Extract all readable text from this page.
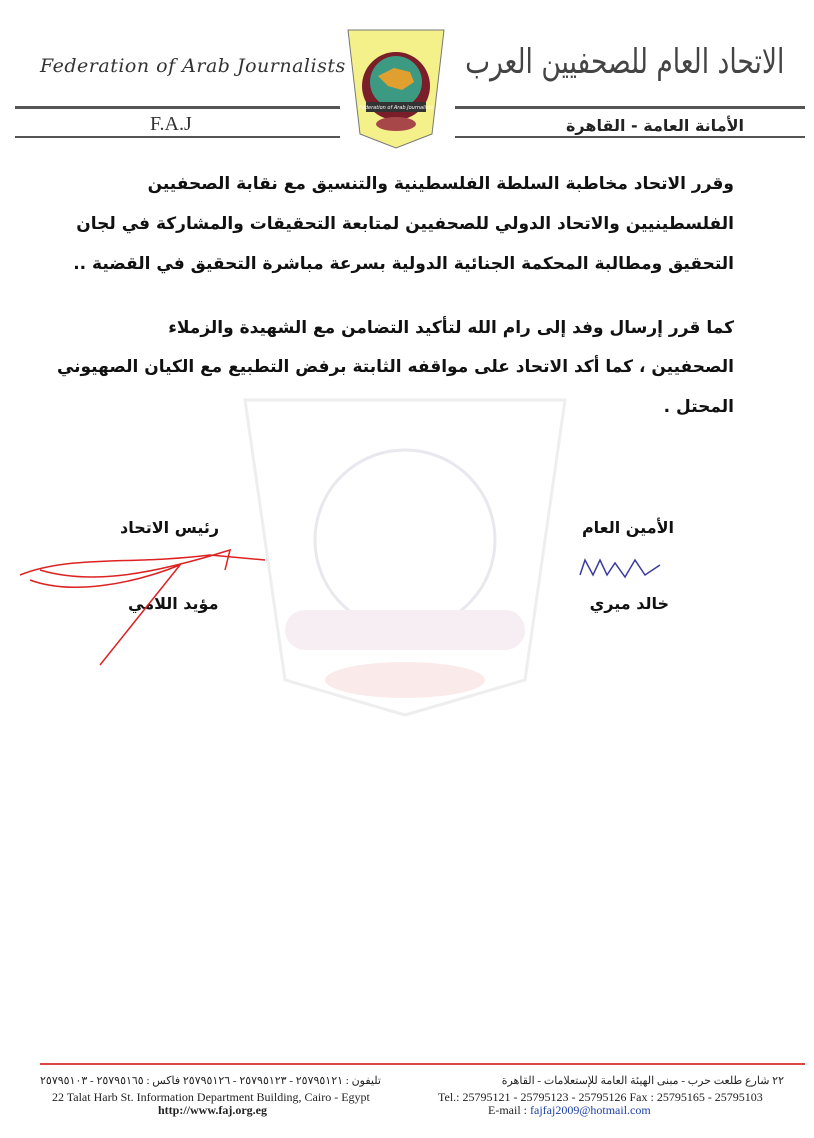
Federation of Arab Journalists	الاتحاد العام للصحفيين العرب
F.A.J	الأمانة العامة - القاهرة
Federation of Arab Journalists
وقرر الاتحاد مخاطبة السلطة الفلسطينية والتنسيق مع نقابة الصحفيين
الفلسطينيين والاتحاد الدولي للصحفيين لمتابعة التحقيقات والمشاركة في لجان
التحقيق ومطالبة المحكمة الجنائية الدولية بسرعة مباشرة التحقيق في القضية ..
كما قرر إرسال وفد إلى رام الله لتأكيد التضامن مع الشهيدة والزملاء
الصحفيين ، كما أكد الاتحاد على مواقفه الثابتة برفض التطبيع مع الكيان الصهيوني
المحتل .
رئيس الاتحاد
مؤيد اللامي
الأمين العام
خالد ميري
٢٢ شارع طلعت حرب - مبنى الهيئة العامة للإستعلامات - القاهرة
تليفون : ٢٥٧٩٥١٢١ - ٢٥٧٩٥١٢٣ - ٢٥٧٩٥١٢٦ فاكس : ٢٥٧٩٥١٦٥ - ٢٥٧٩٥١٠٣
22 Talat Harb St. Information Department Building, Cairo - Egypt	Tel.: 25795121 - 25795123 - 25795126 Fax : 25795165 - 25795103
http://www.faj.org.eg	E-mail : fajfaj2009@hotmail.com
